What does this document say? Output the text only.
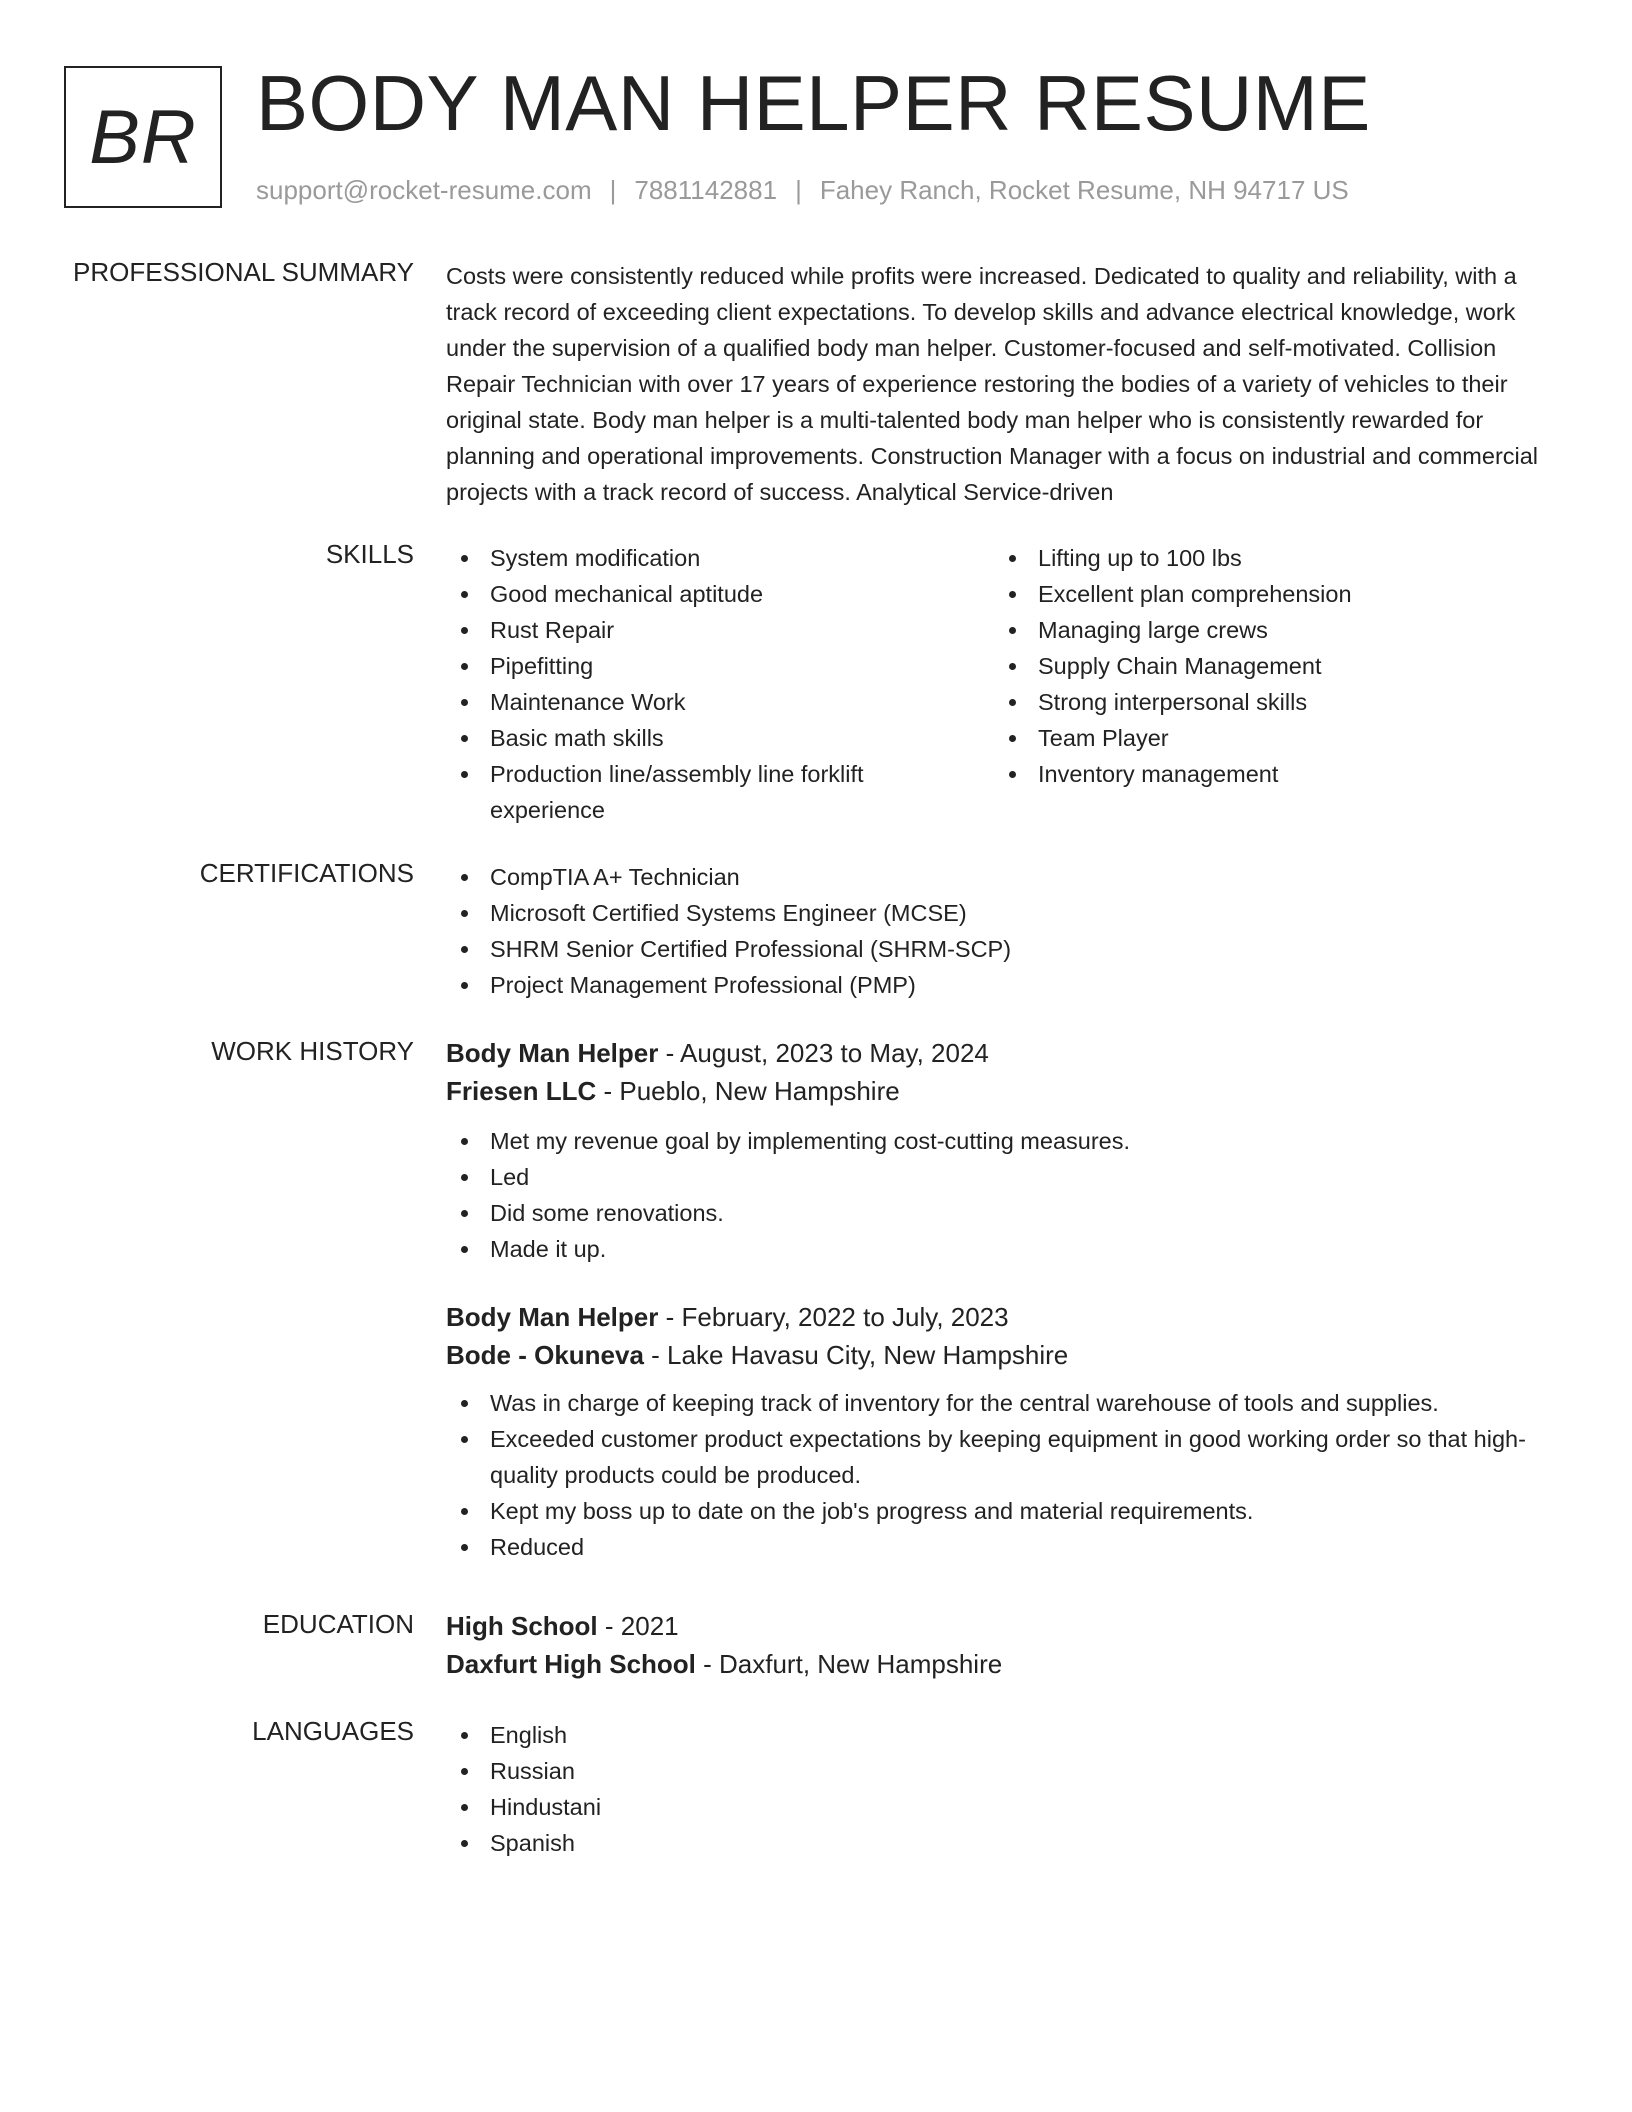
BR BODY MAN HELPER RESUME
support@rocket-resume.com | 7881142881 | Fahey Ranch, Rocket Resume, NH 94717 US
PROFESSIONAL SUMMARY Costs were consistently reduced while profits were increased. Dedicated to quality and reliability, with a track record of exceeding client expectations. To develop skills and advance electrical knowledge, work under the supervision of a qualified body man helper. Customer-focused and self-motivated. Collision Repair Technician with over 17 years of experience restoring the bodies of a variety of vehicles to their original state. Body man helper is a multi-talented body man helper who is consistently rewarded for planning and operational improvements. Construction Manager with a focus on industrial and commercial projects with a track record of success. Analytical Service-driven

SKILLS	System modification
Good mechanical aptitude
Rust Repair
Pipefitting
Maintenance Work
Basic math skills
Production line/assembly line forklift experience
Lifting up to 100 lbs
Excellent plan comprehension
Managing large crews
Supply Chain Management
Strong interpersonal skills
Team Player
Inventory management
CERTIFICATIONS	CompTIA A+ Technician
Microsoft Certified Systems Engineer (MCSE)
SHRM Senior Certified Professional (SHRM-SCP)
Project Management Professional (PMP)
WORK HISTORY Body Man Helper - August, 2023 to May, 2024
Friesen LLC - Pueblo, New Hampshire
Met my revenue goal by implementing cost-cutting measures.
Led
Did some renovations.
Made it up.
Body Man Helper - February, 2022 to July, 2023
Bode - Okuneva - Lake Havasu City, New Hampshire
Was in charge of keeping track of inventory for the central warehouse of tools and supplies.
Exceeded customer product expectations by keeping equipment in good working order so that high-quality products could be produced.
Kept my boss up to date on the job's progress and material requirements.
Reduced
EDUCATION High School - 2021
Daxfurt High School - Daxfurt, New Hampshire
LANGUAGES	English
Russian
Hindustani
Spanish
